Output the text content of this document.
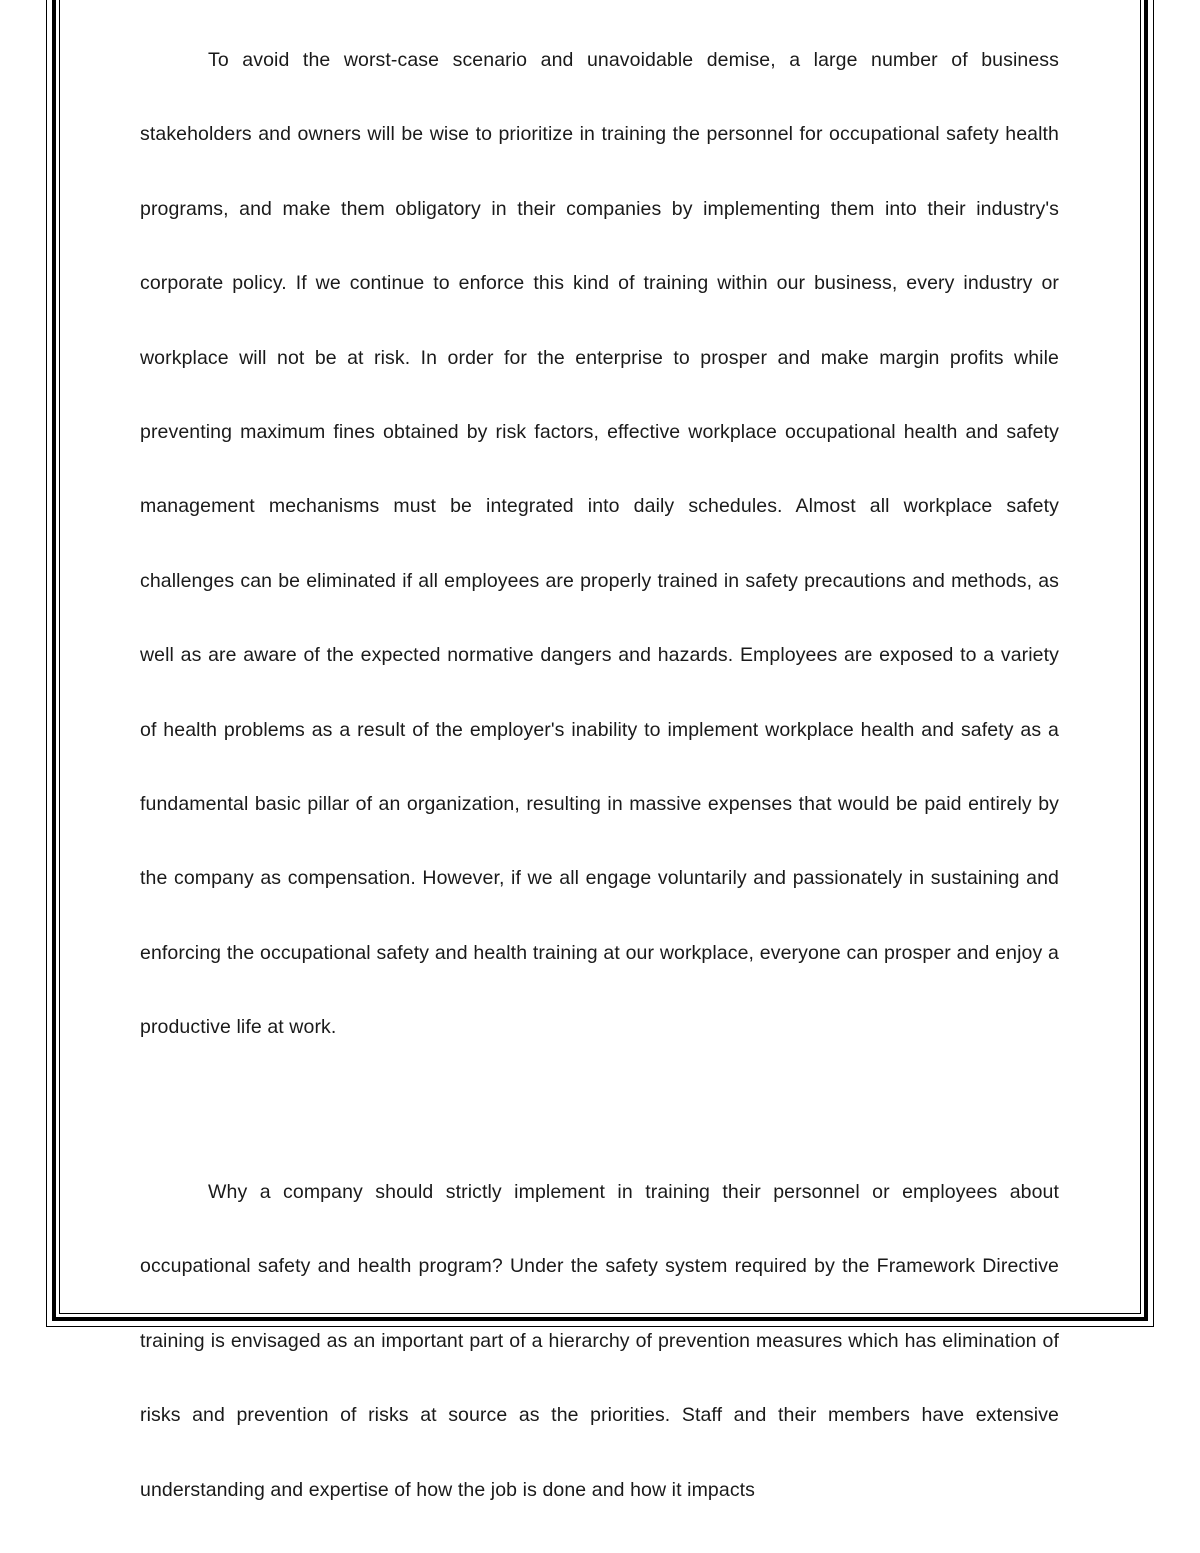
To avoid the worst-case scenario and unavoidable demise, a large number of business stakeholders and owners will be wise to prioritize in training the personnel for occupational safety health programs, and make them obligatory in their companies by implementing them into their industry's corporate policy. If we continue to enforce this kind of training within our business, every industry or workplace will not be at risk. In order for the enterprise to prosper and make margin profits while preventing maximum fines obtained by risk factors, effective workplace occupational health and safety management mechanisms must be integrated into daily schedules. Almost all workplace safety challenges can be eliminated if all employees are properly trained in safety precautions and methods, as well as are aware of the expected normative dangers and hazards. Employees are exposed to a variety of health problems as a result of the employer's inability to implement workplace health and safety as a fundamental basic pillar of an organization, resulting in massive expenses that would be paid entirely by the company as compensation. However, if we all engage voluntarily and passionately in sustaining and enforcing the occupational safety and health training at our workplace, everyone can prosper and enjoy a productive life at work.

Why a company should strictly implement in training their personnel or employees about occupational safety and health program? Under the safety system required by the Framework Directive training is envisaged as an important part of a hierarchy of prevention measures which has elimination of risks and prevention of risks at source as the priorities. Staff and their members have extensive understanding and expertise of how the job is done and how it impacts
